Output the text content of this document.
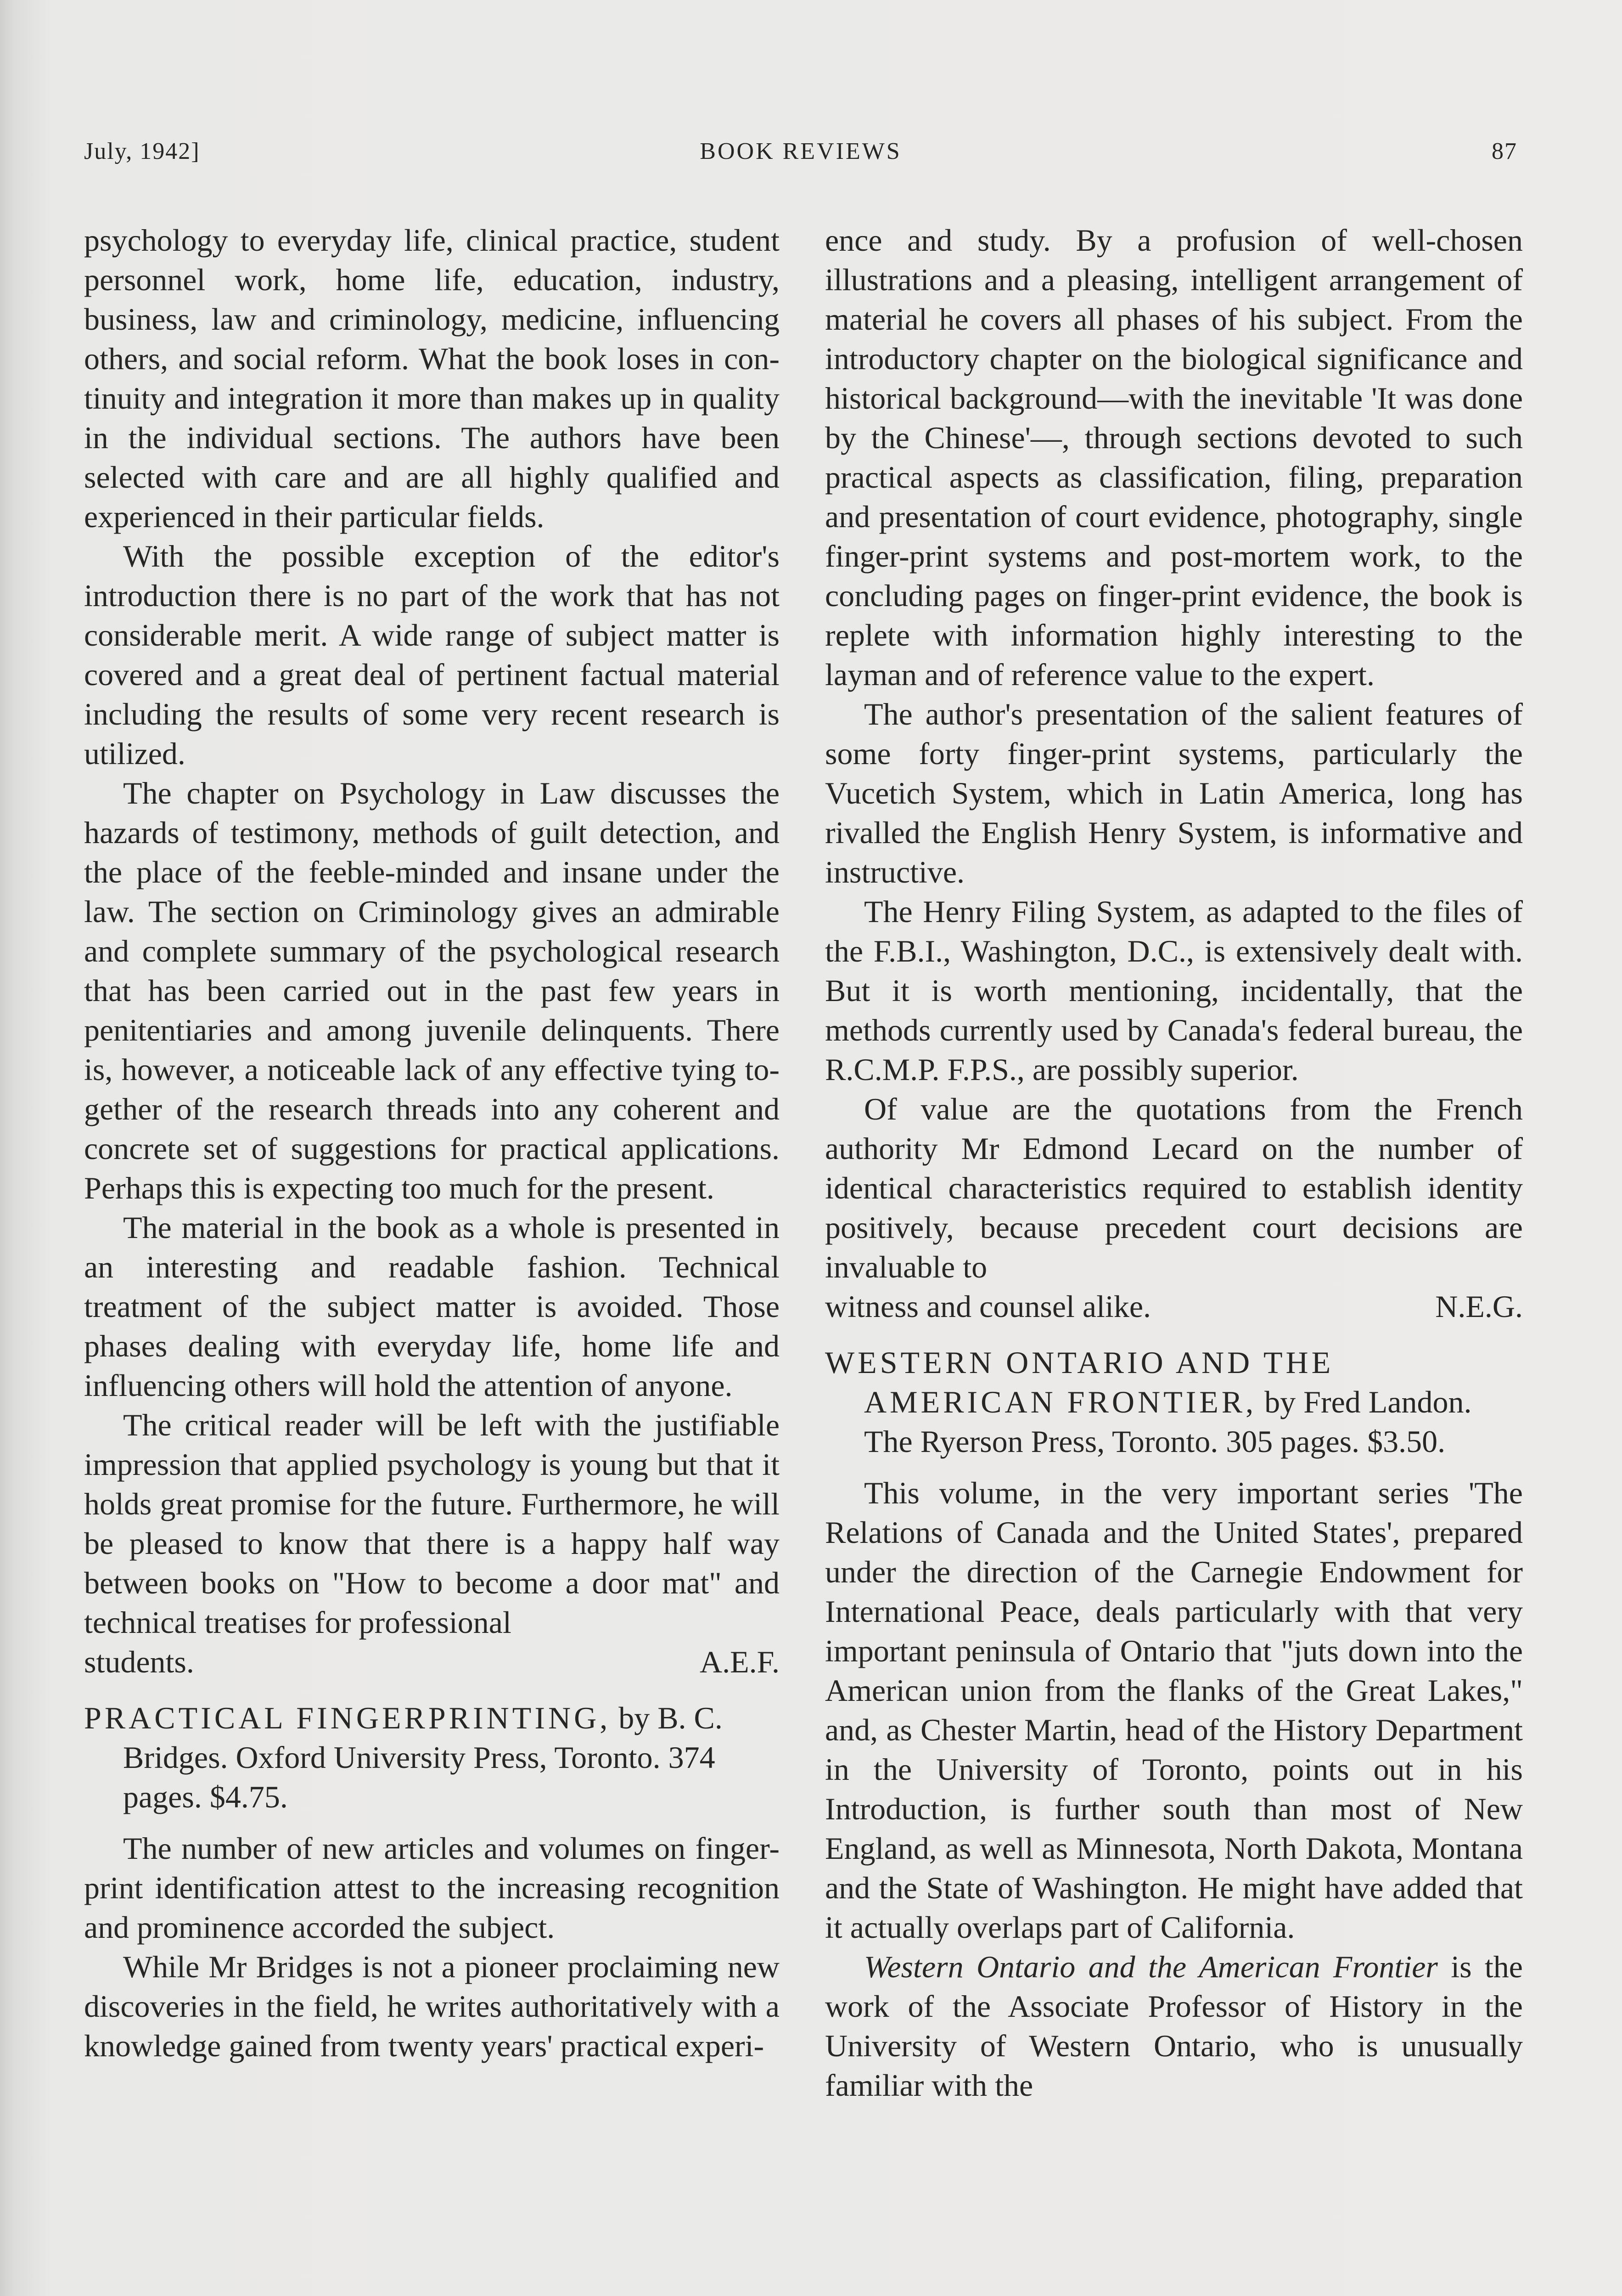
July, 1942]	BOOK REVIEWS	87

psychology to everyday life, clinical practice, student personnel work, home life, education, industry, business, law and criminology, medicine, influencing others, and social reform. What the book loses in continuity and integration it more than makes up in quality in the individual sections. The authors have been selected with care and are all highly qualified and experienced in their particular fields.

With the possible exception of the editor's introduction there is no part of the work that has not considerable merit. A wide range of subject matter is covered and a great deal of pertinent factual material including the results of some very recent research is utilized.

The chapter on Psychology in Law discusses the hazards of testimony, methods of guilt detection, and the place of the feeble-minded and insane under the law. The section on Criminology gives an admirable and complete summary of the psychological research that has been carried out in the past few years in penitentiaries and among juvenile delinquents. There is, however, a noticeable lack of any effective tying together of the research threads into any coherent and concrete set of suggestions for practical applications. Perhaps this is expecting too much for the present.

The material in the book as a whole is presented in an interesting and readable fashion. Technical treatment of the subject matter is avoided. Those phases dealing with everyday life, home life and influencing others will hold the attention of anyone.

The critical reader will be left with the justifiable impression that applied psychology is young but that it holds great promise for the future. Furthermore, he will be pleased to know that there is a happy half way between books on "How to become a door mat" and technical treatises for professional

students.	A.E.F.

PRACTICAL FINGERPRINTING, by B. C. Bridges. Oxford University Press, Toronto. 374 pages. $4.75.

The number of new articles and volumes on finger-print identification attest to the increasing recognition and prominence accorded the subject.

While Mr Bridges is not a pioneer proclaiming new discoveries in the field, he writes authoritatively with a knowledge gained from twenty years' practical experi-

ence and study. By a profusion of well-chosen illustrations and a pleasing, intelligent arrangement of material he covers all phases of his subject. From the introductory chapter on the biological significance and historical background—with the inevitable 'It was done by the Chinese'—, through sections devoted to such practical aspects as classification, filing, preparation and presentation of court evidence, photography, single finger-print systems and post-mortem work, to the concluding pages on finger-print evidence, the book is replete with information highly interesting to the layman and of reference value to the expert.

The author's presentation of the salient features of some forty finger-print systems, particularly the Vucetich System, which in Latin America, long has rivalled the English Henry System, is informative and instructive.

The Henry Filing System, as adapted to the files of the F.B.I., Washington, D.C., is extensively dealt with. But it is worth mentioning, incidentally, that the methods currently used by Canada's federal bureau, the R.C.M.P. F.P.S., are possibly superior.

Of value are the quotations from the French authority Mr Edmond Lecard on the number of identical characteristics required to establish identity positively, because precedent court decisions are invaluable to

witness and counsel alike.	N.E.G.

WESTERN ONTARIO AND THE AMERICAN FRONTIER, by Fred Landon. The Ryerson Press, Toronto. 305 pages. $3.50.

This volume, in the very important series 'The Relations of Canada and the United States', prepared under the direction of the Carnegie Endowment for International Peace, deals particularly with that very important peninsula of Ontario that "juts down into the American union from the flanks of the Great Lakes," and, as Chester Martin, head of the History Department in the University of Toronto, points out in his Introduction, is further south than most of New England, as well as Minnesota, North Dakota, Montana and the State of Washington. He might have added that it actually overlaps part of California.

Western Ontario and the American Frontier is the work of the Associate Professor of History in the University of Western Ontario, who is unusually familiar with the
